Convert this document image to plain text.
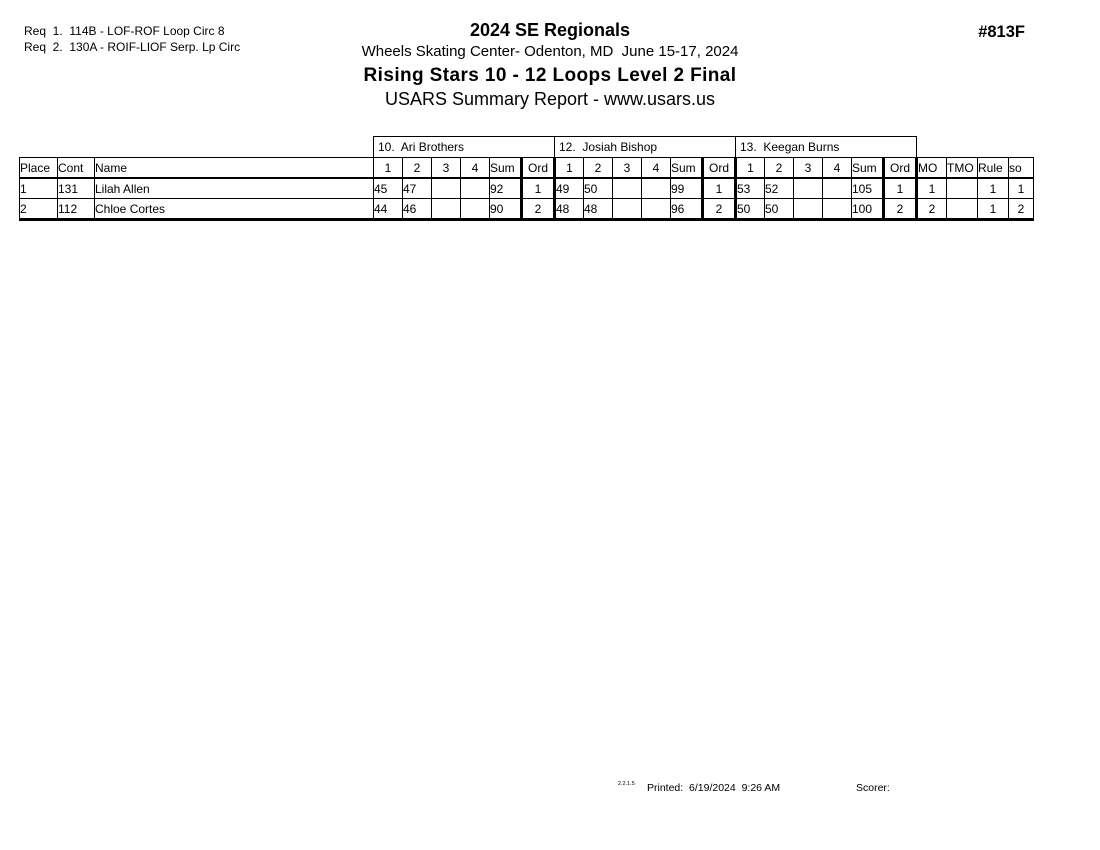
Req  1.  114B - LOF-ROF Loop Circ 8
Req  2.  130A - ROIF-LIOF Serp. Lp Circ
2024 SE Regionals
Wheels Skating Center- Odenton, MD  June 15-17, 2024
Rising Stars 10 - 12 Loops Level 2 Final
USARS Summary Report - www.usars.us
#813F
			10.  Ari Brothers						12.  Josiah Bishop						13.  Keegan Burns									
Place	Cont	Name	1	2	3	4	Sum	Ord	1	2	3	4	Sum	Ord	1	2	3	4	Sum	Ord	MO	TMO	Rule	so
1	131	Lilah Allen	45	47			92	1	49	50			99	1	53	52			105	1	1		1	1
2	112	Chloe Cortes	44	46			90	2	48	48			96	2	50	50			100	2	2		1	2
2.2.1.5 Printed:  6/19/2024  9:26 AM	Scorer:
